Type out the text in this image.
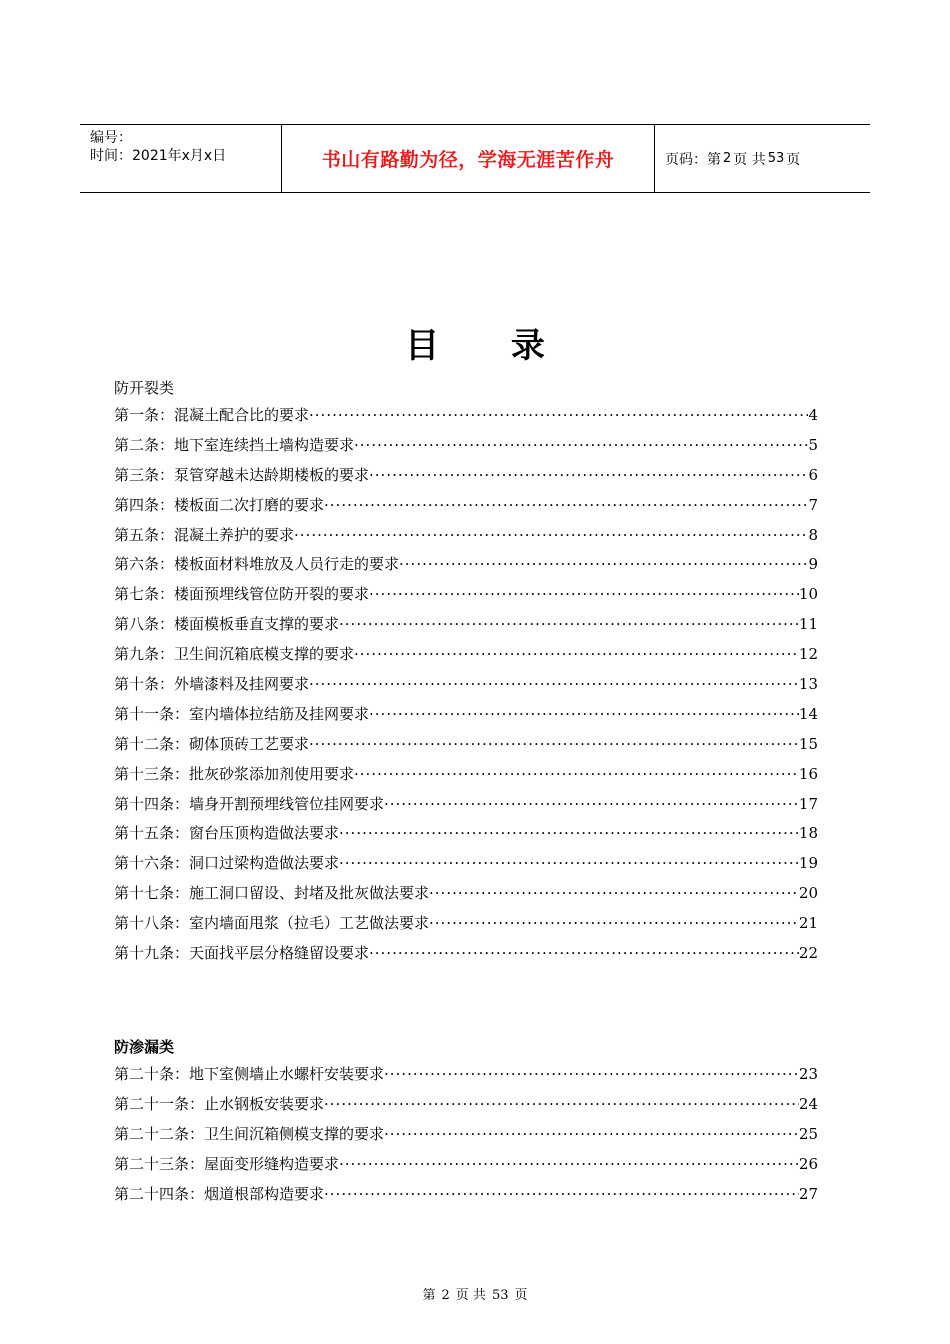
编号：
时间：2021年x月x日	书山有路勤为径，学海无涯苦作舟	页码：第 2 页 共 53 页
目 录
防开裂类
第一条：混凝土配合比的要求 ·····	4
第二条：地下室连续挡土墙构造要求 ·····	5
第三条：泵管穿越未达龄期楼板的要求 ·····	6
第四条：楼板面二次打磨的要求 ·····	7
第五条：混凝土养护的要求 ·····	8
第六条：楼板面材料堆放及人员行走的要求 ·····	9
第七条：楼面预埋线管位防开裂的要求 ·····	10
第八条：楼面模板垂直支撑的要求 ·····	11
第九条：卫生间沉箱底模支撑的要求 ·····	12
第十条：外墙漆料及挂网要求 ·····	13
第十一条：室内墙体拉结筋及挂网要求 ·····	14
第十二条：砌体顶砖工艺要求 ·····	15
第十三条：批灰砂浆添加剂使用要求 ·····	16
第十四条：墙身开割预埋线管位挂网要求 ·····	17
第十五条：窗台压顶构造做法要求 ·····	18
第十六条：洞口过梁构造做法要求 ·····	19
第十七条：施工洞口留设、封堵及批灰做法要求 ·····	20
第十八条：室内墙面甩浆（拉毛）工艺做法要求 ·····	21
第十九条：天面找平层分格缝留设要求 ·····	22
防渗漏类
第二十条：地下室侧墙止水螺杆安装要求 ·····	23
第二十一条：止水钢板安装要求 ·····	24
第二十二条：卫生间沉箱侧模支撑的要求 ·····	25
第二十三条：屋面变形缝构造要求 ·····	26
第二十四条：烟道根部构造要求 ·····	27
第 2 页 共 53 页
